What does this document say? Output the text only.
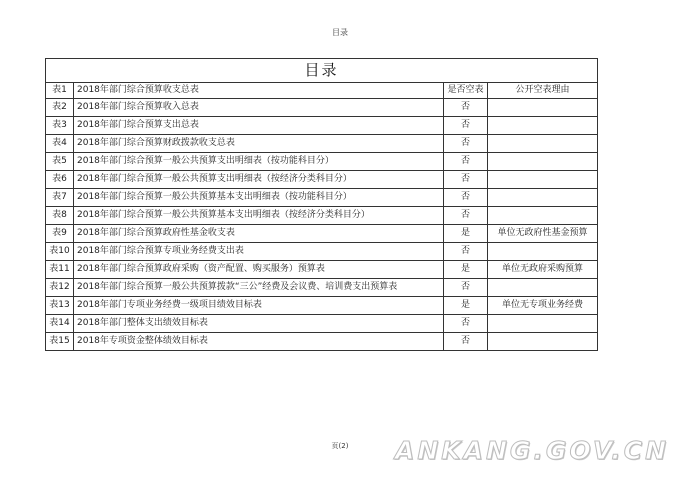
目录
目录			
表1	2018年部门综合预算收支总表	是否空表	公开空表理由
表2	2018年部门综合预算收入总表	否	
表3	2018年部门综合预算支出总表	否	
表4	2018年部门综合预算财政拨款收支总表	否	
表5	2018年部门综合预算一般公共预算支出明细表（按功能科目分）	否	
表6	2018年部门综合预算一般公共预算支出明细表（按经济分类科目分）	否	
表7	2018年部门综合预算一般公共预算基本支出明细表（按功能科目分）	否	
表8	2018年部门综合预算一般公共预算基本支出明细表（按经济分类科目分）	否	
表9	2018年部门综合预算政府性基金收支表	是	单位无政府性基金预算
表10	2018年部门综合预算专项业务经费支出表	否	
表11	2018年部门综合预算政府采购（资产配置、购买服务）预算表	是	单位无政府采购预算
表12	2018年部门综合预算一般公共预算拨款“三公”经费及会议费、培训费支出预算表	否	
表13	2018年部门专项业务经费一级项目绩效目标表	是	单位无专项业务经费
表14	2018年部门整体支出绩效目标表	否	
表15	2018年专项资金整体绩效目标表	否	
页(2)	ANKANG.GOV.CN
